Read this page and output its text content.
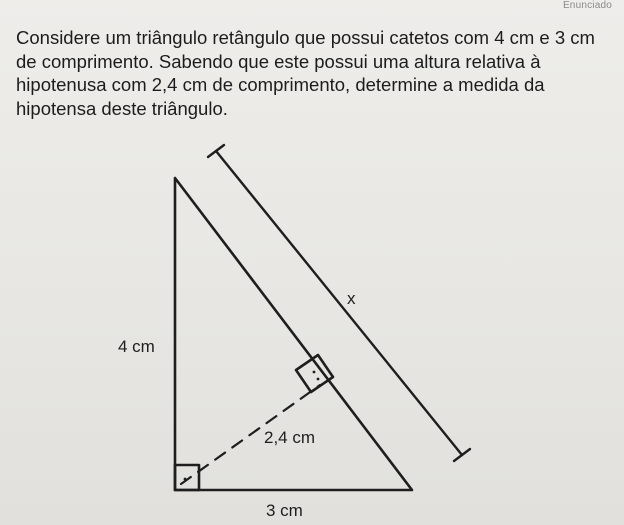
Enunciado

Considere um triângulo retângulo que possui catetos com 4 cm e 3 cm de comprimento. Sabendo que este possui uma altura relativa à hipotenusa com 2,4 cm de comprimento, determine a medida da hipotensa deste triângulo.

4 cm
3 cm
2,4 cm
x
